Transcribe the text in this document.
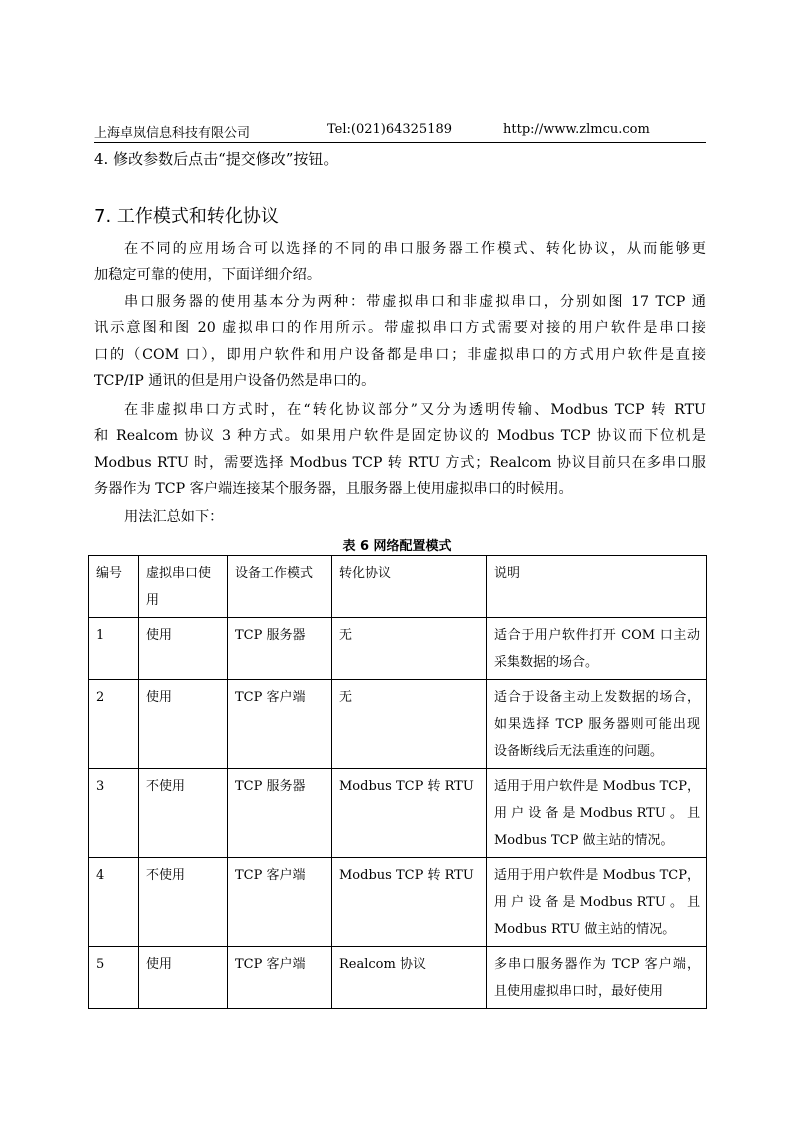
上海卓岚信息科技有限公司	Tel:(021)64325189	http://www.zlmcu.com
4. 修改参数后点击“提交修改”按钮。
7. 工作模式和转化协议
在不同的应用场合可以选择的不同的串口服务器工作模式、转化协议，从而能够更
加稳定可靠的使用，下面详细介绍。
串口服务器的使用基本分为两种：带虚拟串口和非虚拟串口，分别如图 17 TCP 通
讯示意图和图 20 虚拟串口的作用所示。带虚拟串口方式需要对接的用户软件是串口接
口的（COM 口），即用户软件和用户设备都是串口；非虚拟串口的方式用户软件是直接
TCP/IP 通讯的但是用户设备仍然是串口的。
在非虚拟串口方式时，在“转化协议部分”又分为透明传输、Modbus TCP 转 RTU
和 Realcom 协议 3 种方式。如果用户软件是固定协议的 Modbus TCP 协议而下位机是
Modbus RTU 时，需要选择 Modbus TCP 转 RTU 方式；Realcom 协议目前只在多串口服
务器作为 TCP 客户端连接某个服务器，且服务器上使用虚拟串口的时候用。
用法汇总如下：
表 6 网络配置模式
编号	虚拟串口使
用	设备工作模式	转化协议	说明

1	使用	TCP 服务器	无	适合于用户软件打开 COM 口主动
采集数据的场合。

2	使用	TCP 客户端	无	适合于设备主动上发数据的场合，
如果选择 TCP 服务器则可能出现
设备断线后无法重连的问题。

3	不使用	TCP 服务器	Modbus TCP 转 RTU	适用于用户软件是 Modbus TCP，
用 户 设 备 是 Modbus RTU 。 且
Modbus TCP 做主站的情况。

4	不使用	TCP 客户端	Modbus TCP 转 RTU	适用于用户软件是 Modbus TCP，
用 户 设 备 是 Modbus RTU 。 且
Modbus RTU 做主站的情况。

5	使用	TCP 客户端	Realcom 协议	多串口服务器作为 TCP 客户端，
且使用虚拟串口时，最好使用
